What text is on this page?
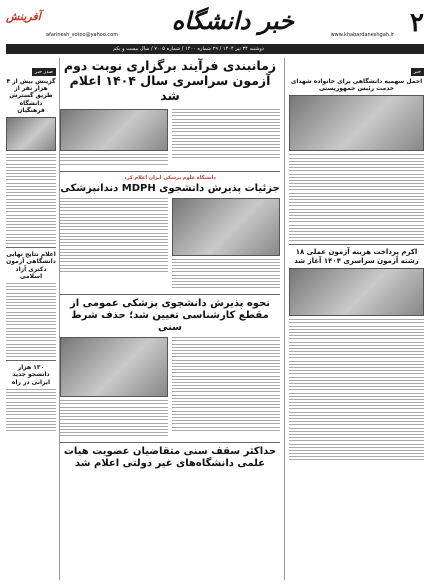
۲
خبر دانشگاه	www.khabardaneshgah.ir
afarinesh_sotoo@yahoo.com
آفرینش
دوشنبه ۳۴ تیر ۱۴۰۴ / ۲۹ شماره ۱۴۰۰ / شماره ۷۰۰۵ / سال بیست و یکم
خبر
احمل سهمیه دانشگاهی برای خانواده شهدای خدمت رئیس جمهوریستی
اکرم پرداخت هزینه آزمون عملی ۱۸ رشته آزمون سراسری ۱۴۰۴ آغاز شد
زمانبندی فرآیند برگزاری نوبت دوم آزمون سراسری سال ۱۴۰۴ اعلام شد
دانشگاه علوم پزشکی ایران اعلام کرد
جزئیات پذیرش دانشجوی MDPH دندانپزشکی
نحوه پذیرش دانشجوی پزشکی عمومی از مقطع کارشناسی تعیین شد؛ حذف شرط سنی
حداکثر سقف سنی متقاضیان عضویت هیات علمی دانشگاه‌های غیر دولتی اعلام شد
صدر خبر
گزینش بیش از ۴ هزار نفر از طریق گسترش دانشگاه فرهنگیان
اعلام نتایج نهایی دانشگاهی آزمون دکتری آزاد اسلامی
۱۳۰ هزار دانشجو جدید ایرانی در راه
